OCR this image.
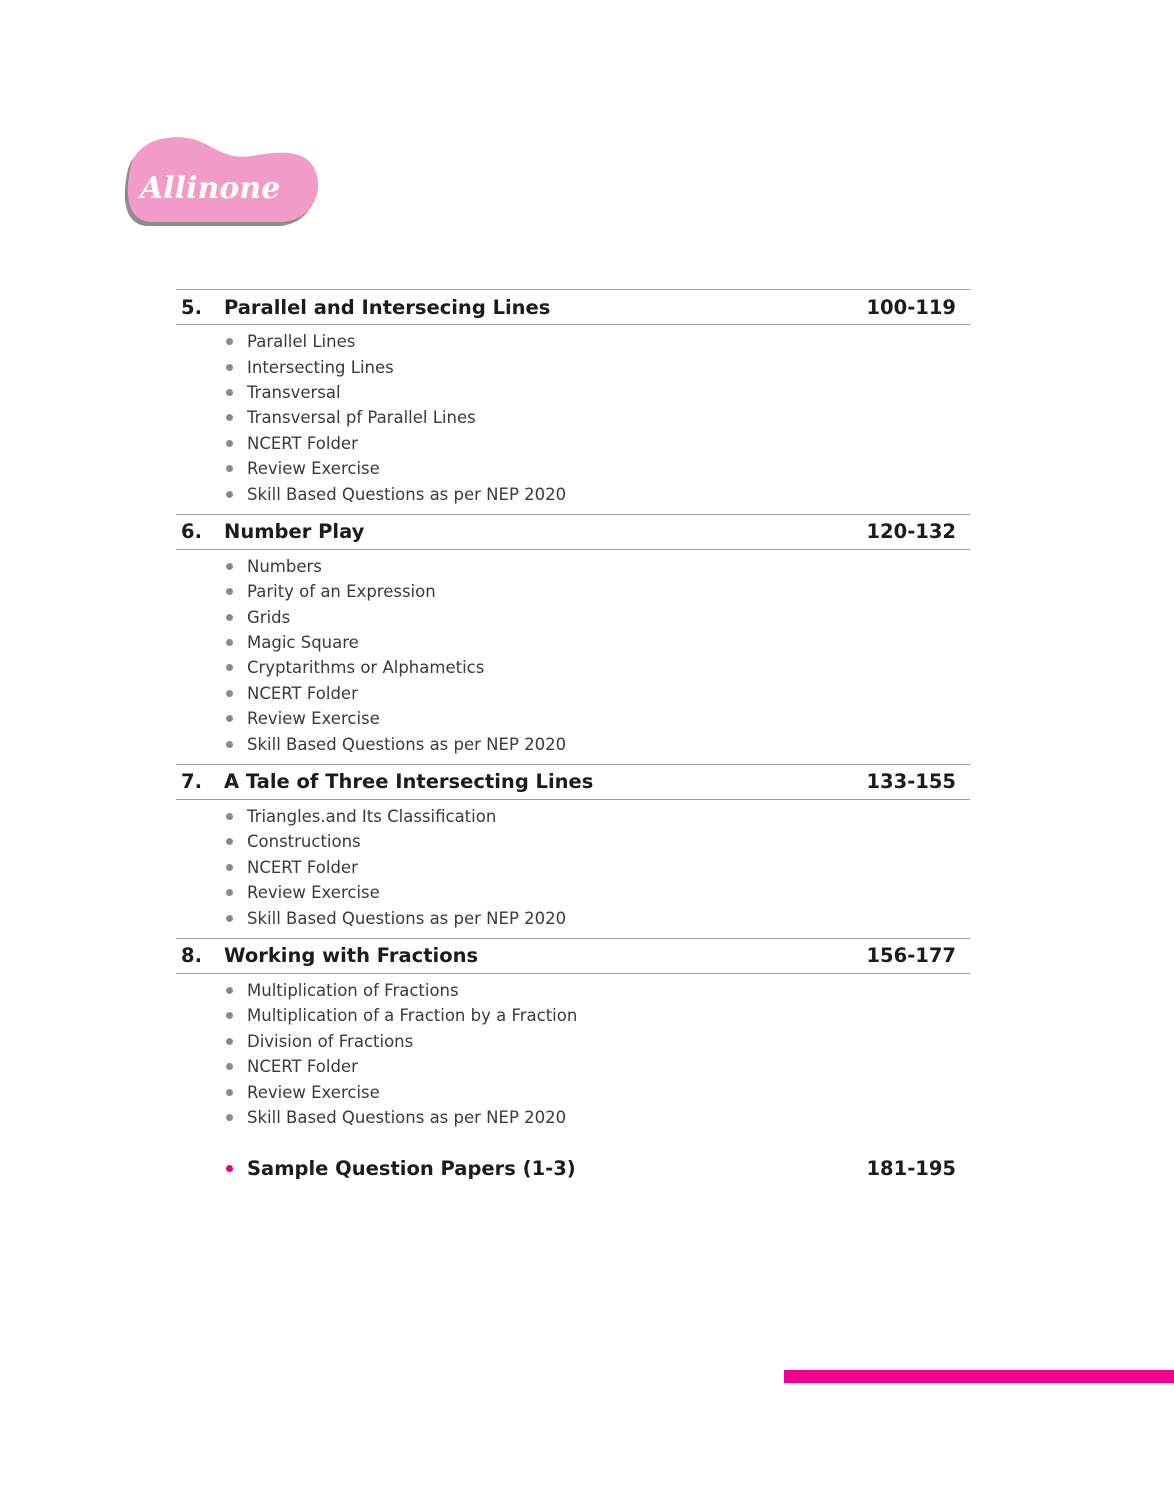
Allinone
5.	Parallel and Intersecing Lines	100-119
Parallel Lines
Intersecting Lines
Transversal
Transversal pf Parallel Lines
NCERT Folder
Review Exercise
Skill Based Questions as per NEP 2020
6.	Number Play	120-132
Numbers
Parity of an Expression
Grids
Magic Square
Cryptarithms or Alphametics
NCERT Folder
Review Exercise
Skill Based Questions as per NEP 2020
7.	A Tale of Three Intersecting Lines	133-155
Triangles.and Its Classification
Constructions
NCERT Folder
Review Exercise
Skill Based Questions as per NEP 2020
8.	Working with Fractions	156-177
Multiplication of Fractions
Multiplication of a Fraction by a Fraction
Division of Fractions
NCERT Folder
Review Exercise
Skill Based Questions as per NEP 2020
Sample Question Papers (1-3)	181-195
